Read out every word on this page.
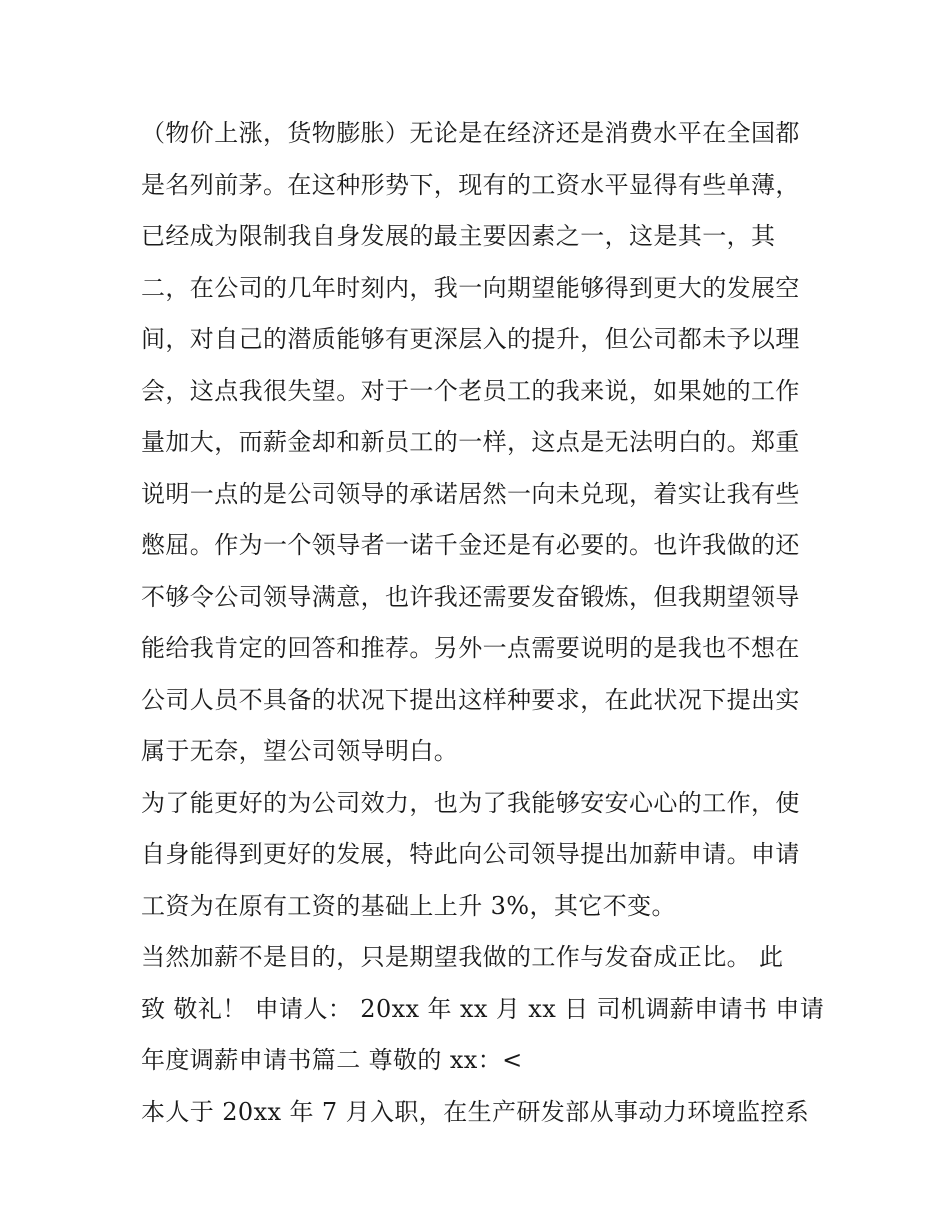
（物价上涨，货物膨胀）无论是在经济还是消费水平在全国都
是名列前茅。在这种形势下，现有的工资水平显得有些单薄，
已经成为限制我自身发展的最主要因素之一，这是其一，其
二，在公司的几年时刻内，我一向期望能够得到更大的发展空
间，对自己的潜质能够有更深层入的提升，但公司都未予以理
会，这点我很失望。对于一个老员工的我来说，如果她的工作
量加大，而薪金却和新员工的一样，这点是无法明白的。郑重
说明一点的是公司领导的承诺居然一向未兑现，着实让我有些
憋屈。作为一个领导者一诺千金还是有必要的。也许我做的还
不够令公司领导满意，也许我还需要发奋锻炼，但我期望领导
能给我肯定的回答和推荐。另外一点需要说明的是我也不想在
公司人员不具备的状况下提出这样种要求，在此状况下提出实
属于无奈，望公司领导明白。
为了能更好的为公司效力，也为了我能够安安心心的工作，使
自身能得到更好的发展，特此向公司领导提出加薪申请。申请
工资为在原有工资的基础上上升 3%，其它不变。
当然加薪不是目的，只是期望我做的工作与发奋成正比。 此
致 敬礼！ 申请人： 20xx 年 xx 月 xx 日 司机调薪申请书 申请
年度调薪申请书篇二 尊敬的 xx：<
本人于 20xx 年 7 月入职，在生产研发部从事动力环境监控系
